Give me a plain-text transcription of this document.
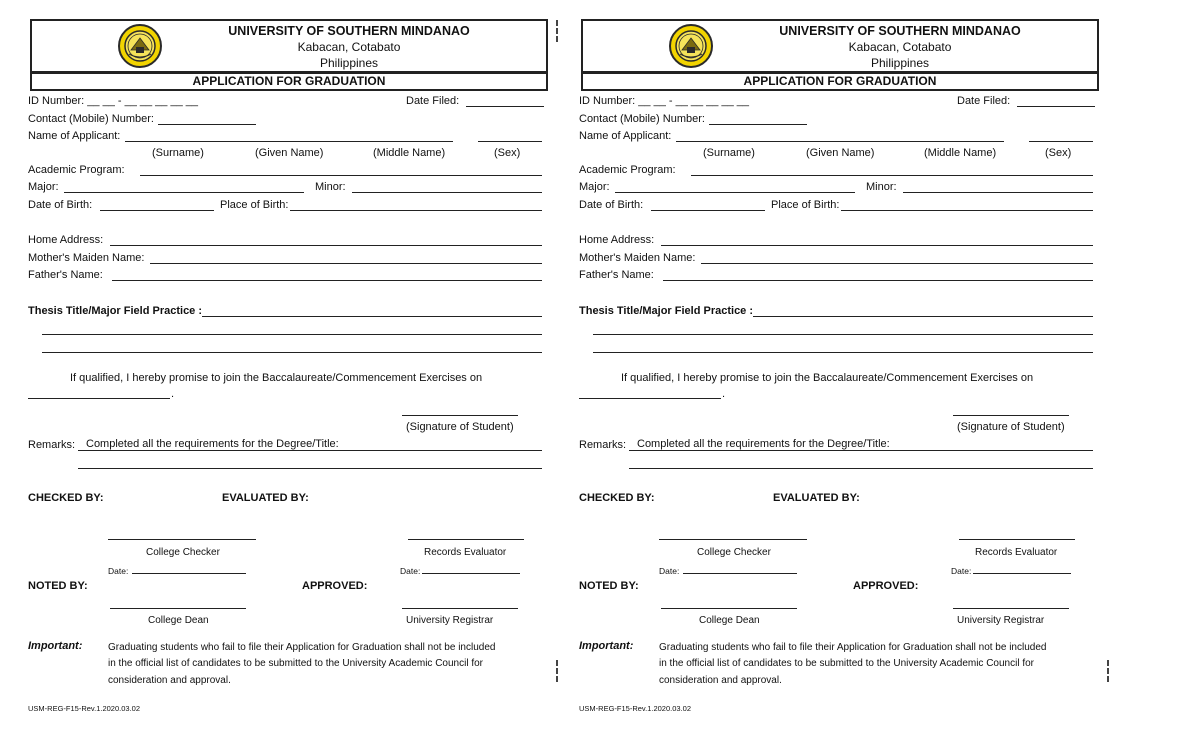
UNIVERSITY OF SOUTHERN MINDANAO
Kabacan, Cotabato
Philippines
APPLICATION FOR GRADUATION
ID Number: __ __ - __ __ __ __ __	Date Filed:
Contact (Mobile) Number:
Name of Applicant:
(Surname)	(Given Name)	(Middle Name)	(Sex)
Academic Program:
Major:	Minor:
Date of Birth:	Place of Birth:
Home Address:
Mother's Maiden Name:
Father's Name:
Thesis Title/Major Field Practice :
If qualified, I hereby promise to join the Baccalaureate/Commencement Exercises on
.
(Signature of Student)
Remarks: Completed all the requirements for the Degree/Title:
CHECKED BY:	EVALUATED BY:
College Checker	Records Evaluator
Date:	Date:
NOTED BY:	APPROVED:
College Dean	University Registrar
Important:	Graduating students who fail to file their Application for Graduation shall not be included
in the official list of candidates to be submitted to the University Academic Council for
consideration and approval.
USM-REG-F15-Rev.1.2020.03.02
UNIVERSITY OF SOUTHERN MINDANAO
Kabacan, Cotabato
Philippines
APPLICATION FOR GRADUATION
ID Number: __ __ - __ __ __ __ __	Date Filed:
Contact (Mobile) Number:
Name of Applicant:
(Surname)	(Given Name)	(Middle Name)	(Sex)
Academic Program:
Major:	Minor:
Date of Birth:	Place of Birth:
Home Address:
Mother's Maiden Name:
Father's Name:
Thesis Title/Major Field Practice :
If qualified, I hereby promise to join the Baccalaureate/Commencement Exercises on
.
(Signature of Student)
Remarks: Completed all the requirements for the Degree/Title:
CHECKED BY:	EVALUATED BY:
College Checker	Records Evaluator
Date:	Date:
NOTED BY:	APPROVED:
College Dean	University Registrar
Important:	Graduating students who fail to file their Application for Graduation shall not be included
in the official list of candidates to be submitted to the University Academic Council for
consideration and approval.
USM-REG-F15-Rev.1.2020.03.02
